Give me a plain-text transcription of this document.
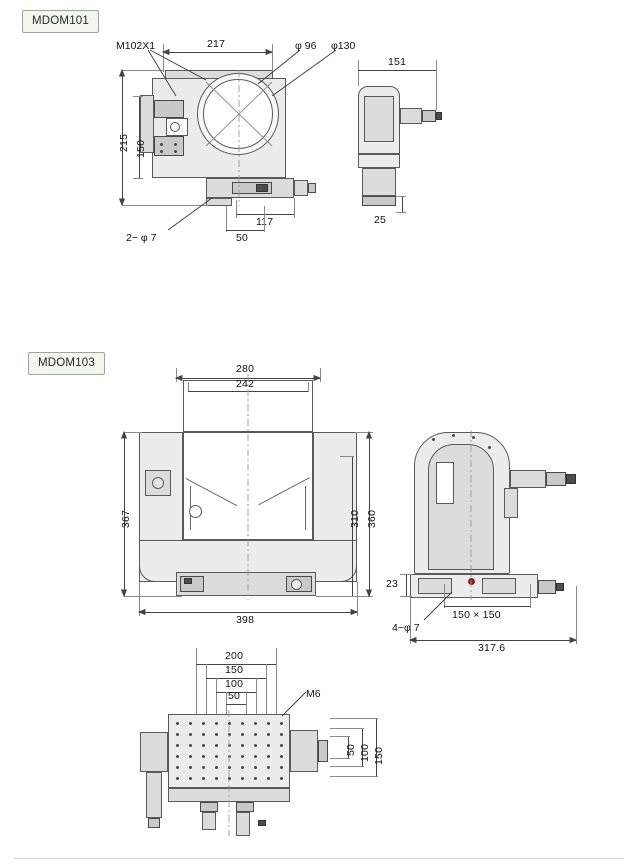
MDOM101
MDOM103
217
215 150
117
50
M102X1	φ 96 φ130
2− φ 7
151
25
280
242
367	360
310
398
23
150 × 150
4−φ 7
317.6
200
150
100
50	M6
150
100
50
